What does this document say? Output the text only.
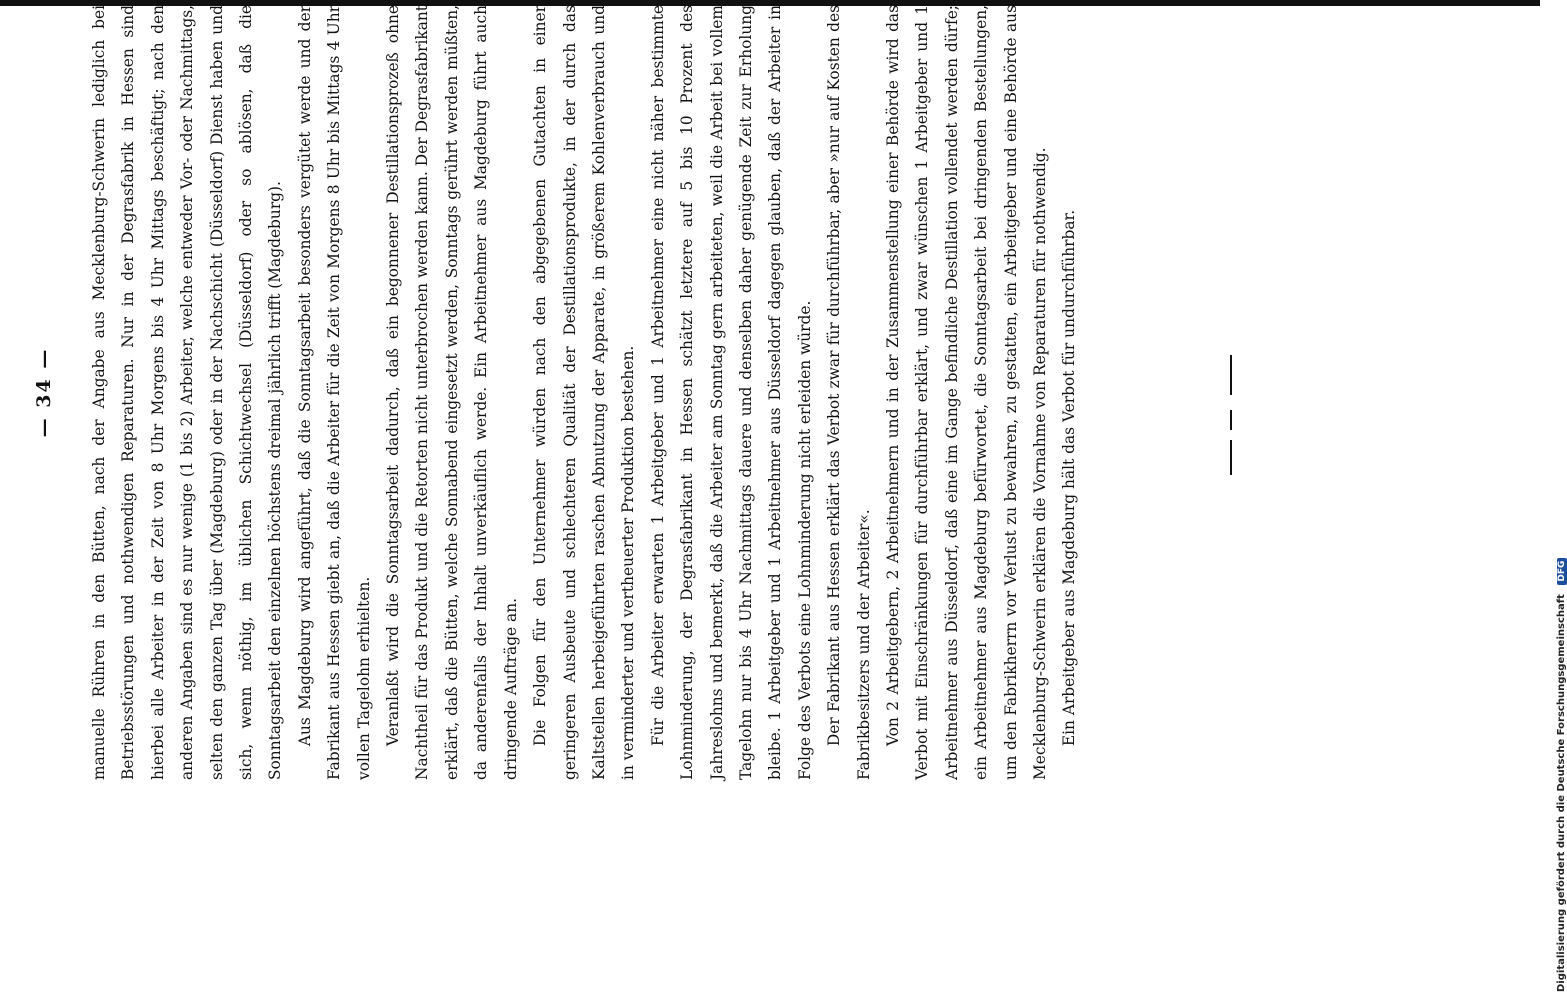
— 34 —	manuelle Rühren in den Bütten, nach der Angabe aus Mecklenburg-Schwerin lediglich bei Betriebsstörungen und nothwendigen Reparaturen. Nur in der Degrasfabrik in Hessen sind hierbei alle Arbeiter in der Zeit von 8 Uhr Morgens bis 4 Uhr Mittags beschäftigt; nach den anderen Angaben sind es nur wenige (1 bis 2) Arbeiter, welche entweder Vor- oder Nachmittags, selten den ganzen Tag über (Magdeburg) oder in der Nachschicht (Düsseldorf) Dienst haben und sich, wenn nöthig, im üblichen Schichtwechsel (Düsseldorf) oder so ablösen, daß die Sonntagsarbeit den einzelnen höchstens dreimal jährlich trifft (Magdeburg). Aus Magdeburg wird angeführt, daß die Sonntagsarbeit besonders vergütet werde und der Fabrikant aus Hessen giebt an, daß die Arbeiter für die Zeit von Morgens 8 Uhr bis Mittags 4 Uhr vollen Tagelohn erhielten. Veranlaßt wird die Sonntagsarbeit dadurch, daß ein begonnener Destillationsprozeß ohne Nachtheil für das Produkt und die Retorten nicht unterbrochen werden kann. Der Degrasfabrikant erklärt, daß die Bütten, welche Sonnabend eingesetzt werden, Sonntags gerührt werden müßten, da anderenfalls der Inhalt unverkäuflich werde. Ein Arbeitnehmer aus Magdeburg führt auch dringende Aufträge an. Die Folgen für den Unternehmer würden nach den abgegebenen Gutachten in einer geringeren Ausbeute und schlechteren Qualität der Destillationsprodukte, in der durch das Kaltstellen herbeigeführten raschen Abnutzung der Apparate, in größerem Kohlenverbrauch und in verminderter und vertheuerter Produktion bestehen. Für die Arbeiter erwarten 1 Arbeitgeber und 1 Arbeitnehmer eine nicht näher bestimmte Lohnminderung, der Degrasfabrikant in Hessen schätzt letztere auf 5 bis 10 Prozent des Jahreslohns und bemerkt, daß die Arbeiter am Sonntag gern arbeiteten, weil die Arbeit bei vollem Tagelohn nur bis 4 Uhr Nachmittags dauere und denselben daher genügende Zeit zur Erholung bleibe. 1 Arbeitgeber und 1 Arbeitnehmer aus Düsseldorf dagegen glauben, daß der Arbeiter in Folge des Verbots eine Lohnminderung nicht erleiden würde. Der Fabrikant aus Hessen erklärt das Verbot zwar für durchführbar, aber »nur auf Kosten des Fabrikbesitzers und der Arbeiter«. Von 2 Arbeitgebern, 2 Arbeitnehmern und in der Zusammenstellung einer Behörde wird das Verbot mit Einschränkungen für durchführbar erklärt, und zwar wünschen 1 Arbeitgeber und 1 Arbeitnehmer aus Düsseldorf, daß eine im Gange befindliche Destillation vollendet werden dürfe; ein Arbeitnehmer aus Magdeburg befürwortet, die Sonntagsarbeit bei dringenden Bestellungen, um den Fabrikherrn vor Verlust zu bewahren, zu gestatten, ein Arbeitgeber und eine Behörde aus Mecklenburg-Schwerin erklären die Vornahme von Reparaturen für nothwendig. Ein Arbeitgeber aus Magdeburg hält das Verbot für undurchführbar.

Digitalisierung gefördert durch die Deutsche Forschungsgemeinschaft DFG
